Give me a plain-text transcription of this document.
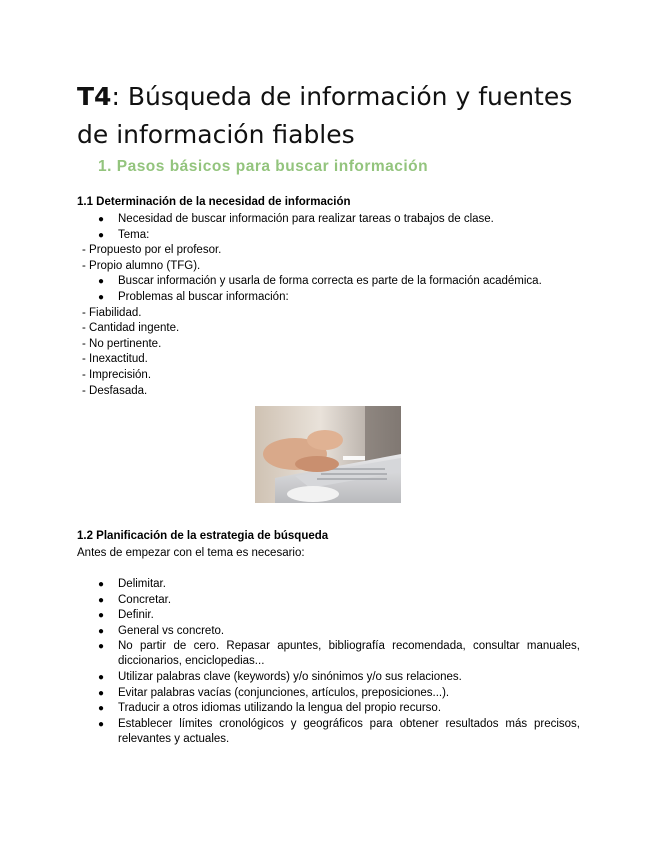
T4: Búsqueda de información y fuentes de información fiables
1. Pasos básicos para buscar información
1.1 Determinación de la necesidad de información
● Necesidad de buscar información para realizar tareas o trabajos de clase.
● Tema:
- Propuesto por el profesor.
- Propio alumno (TFG).
● Buscar información y usarla de forma correcta es parte de la formación académica.
● Problemas al buscar información:
- Fiabilidad.
- Cantidad ingente.
- No pertinente.
- Inexactitud.
- Imprecisión.
- Desfasada.
1.2 Planificación de la estrategia de búsqueda
Antes de empezar con el tema es necesario:
● Delimitar.
● Concretar.
● Definir.
● General vs concreto.
● No partir de cero. Repasar apuntes, bibliografía recomendada, consultar manuales, diccionarios, enciclopedias...
● Utilizar palabras clave (keywords) y/o sinónimos y/o sus relaciones.
● Evitar palabras vacías (conjunciones, artículos, preposiciones...).
● Traducir a otros idiomas utilizando la lengua del propio recurso.
● Establecer límites cronológicos y geográficos para obtener resultados más precisos, relevantes y actuales.
